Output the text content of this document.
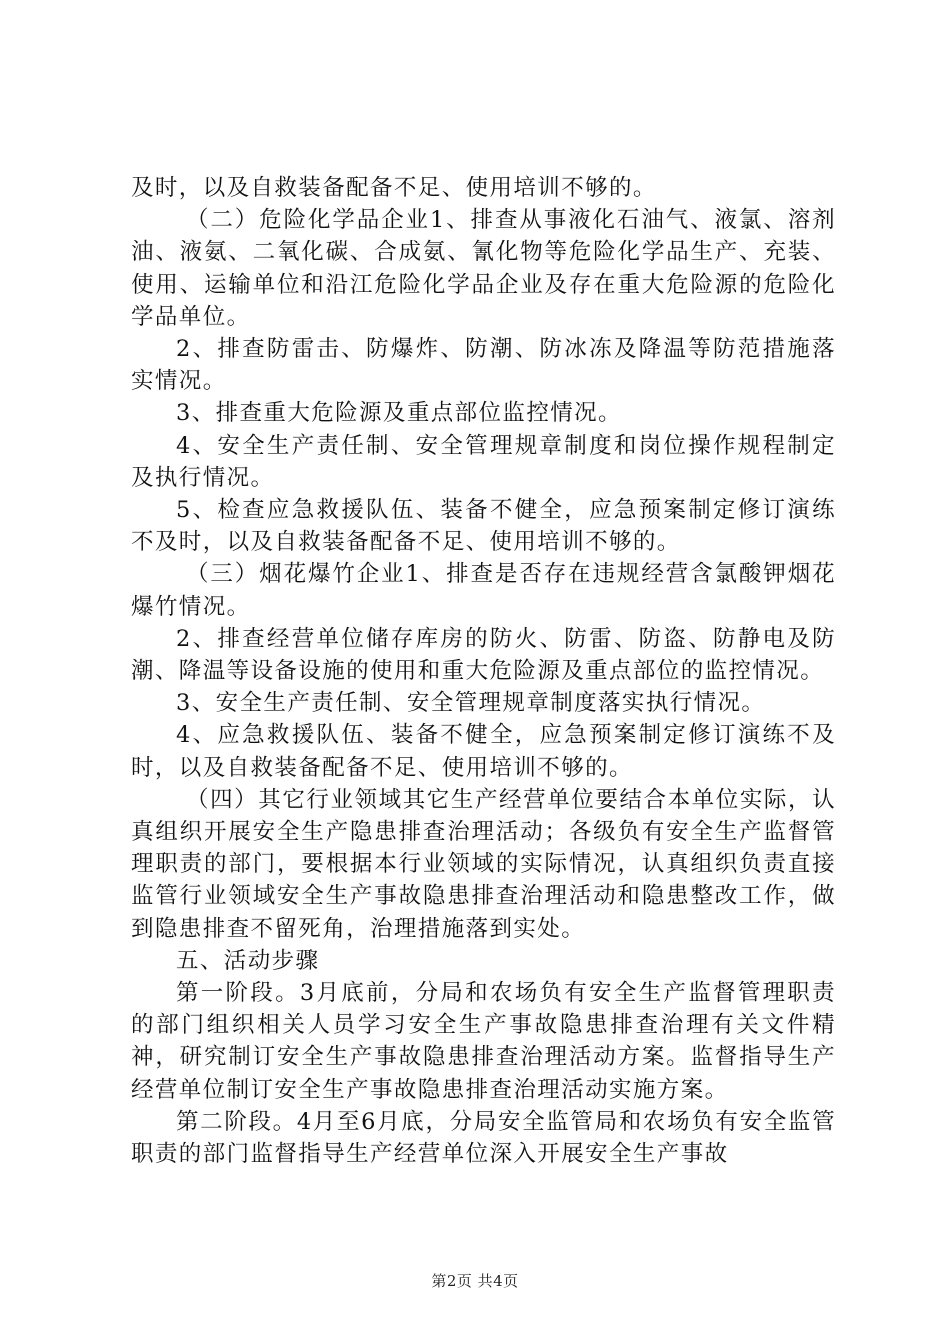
及时，以及自救装备配备不足、使用培训不够的。

（二）危险化学品企业1、排查从事液化石油气、液氯、溶剂油、液氨、二氧化碳、合成氨、氰化物等危险化学品生产、充装、使用、运输单位和沿江危险化学品企业及存在重大危险源的危险化学品单位。

2、排查防雷击、防爆炸、防潮、防冰冻及降温等防范措施落实情况。

3、排查重大危险源及重点部位监控情况。

4、安全生产责任制、安全管理规章制度和岗位操作规程制定及执行情况。

5、检查应急救援队伍、装备不健全，应急预案制定修订演练不及时，以及自救装备配备不足、使用培训不够的。

（三）烟花爆竹企业1、排查是否存在违规经营含氯酸钾烟花爆竹情况。

2、排查经营单位储存库房的防火、防雷、防盗、防静电及防潮、降温等设备设施的使用和重大危险源及重点部位的监控情况。

3、安全生产责任制、安全管理规章制度落实执行情况。

4、应急救援队伍、装备不健全，应急预案制定修订演练不及时，以及自救装备配备不足、使用培训不够的。

（四）其它行业领域其它生产经营单位要结合本单位实际，认真组织开展安全生产隐患排查治理活动；各级负有安全生产监督管理职责的部门，要根据本行业领域的实际情况，认真组织负责直接监管行业领域安全生产事故隐患排查治理活动和隐患整改工作，做到隐患排查不留死角，治理措施落到实处。

五、活动步骤

第一阶段。3月底前，分局和农场负有安全生产监督管理职责的部门组织相关人员学习安全生产事故隐患排查治理有关文件精神，研究制订安全生产事故隐患排查治理活动方案。监督指导生产经营单位制订安全生产事故隐患排查治理活动实施方案。

第二阶段。4月至6月底，分局安全监管局和农场负有安全监管职责的部门监督指导生产经营单位深入开展安全生产事故

第2页 共4页
